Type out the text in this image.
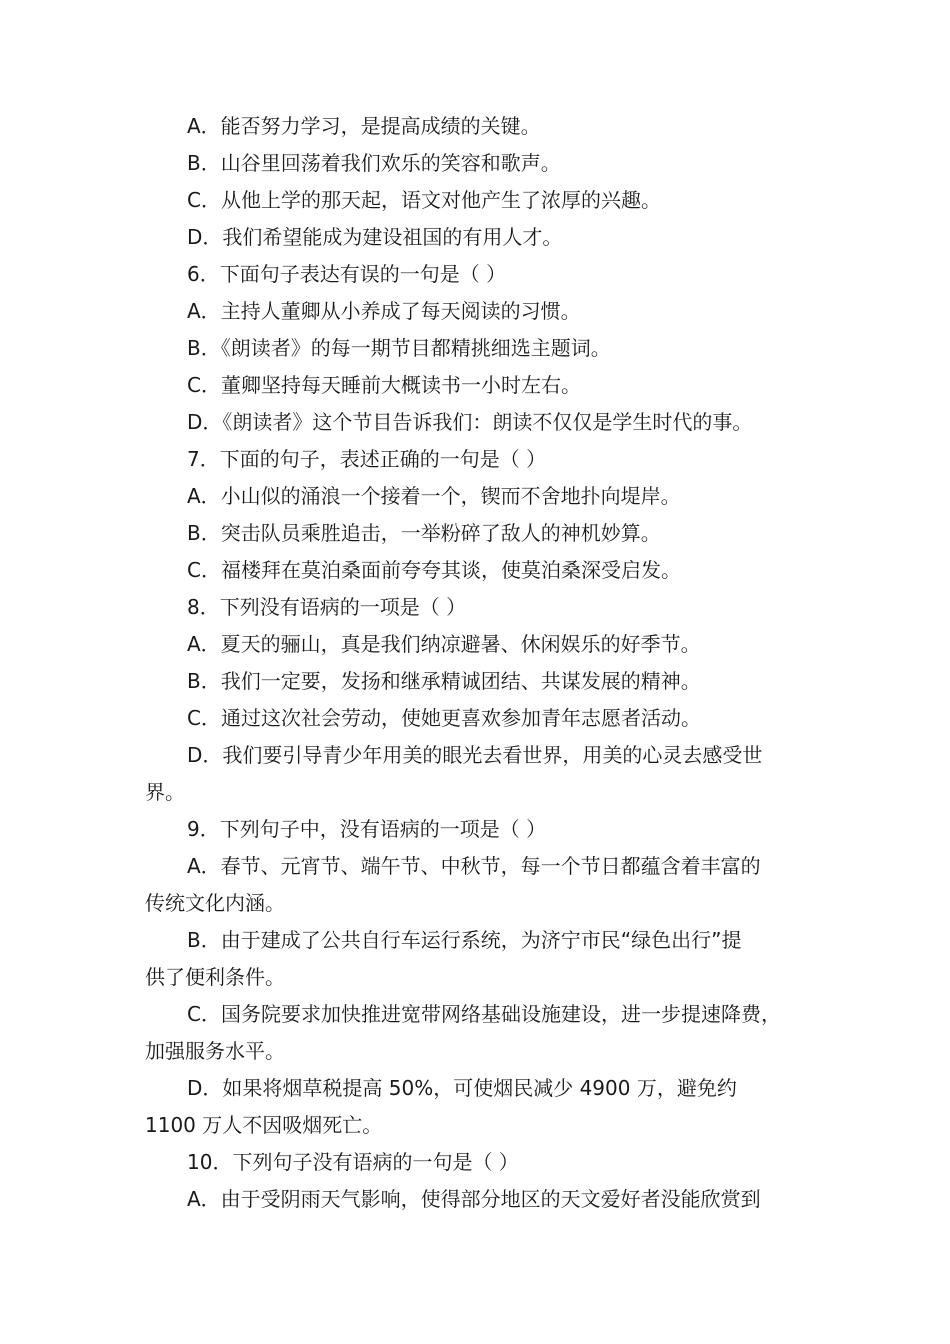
A．能否努力学习，是提高成绩的关键。
B．山谷里回荡着我们欢乐的笑容和歌声。
C．从他上学的那天起，语文对他产生了浓厚的兴趣。
D．我们希望能成为建设祖国的有用人才。
6．下面句子表达有误的一句是（ ）
A．主持人董卿从小养成了每天阅读的习惯。
B．《朗读者》的每一期节目都精挑细选主题词。
C．董卿坚持每天睡前大概读书一小时左右。
D．《朗读者》这个节目告诉我们：朗读不仅仅是学生时代的事。
7．下面的句子，表述正确的一句是（ ）
A．小山似的涌浪一个接着一个，锲而不舍地扑向堤岸。
B．突击队员乘胜追击，一举粉碎了敌人的神机妙算。
C．福楼拜在莫泊桑面前夸夸其谈，使莫泊桑深受启发。
8．下列没有语病的一项是（ ）
A．夏天的骊山，真是我们纳凉避暑、休闲娱乐的好季节。
B．我们一定要，发扬和继承精诚团结、共谋发展的精神。
C．通过这次社会劳动，使她更喜欢参加青年志愿者活动。
D．我们要引导青少年用美的眼光去看世界，用美的心灵去感受世
界。
9．下列句子中，没有语病的一项是（ ）
A．春节、元宵节、端午节、中秋节，每一个节日都蕴含着丰富的
传统文化内涵。
B．由于建成了公共自行车运行系统，为济宁市民“绿色出行”提
供了便利条件。
C．国务院要求加快推进宽带网络基础设施建设，进一步提速降费，
加强服务水平。
D．如果将烟草税提高 50%，可使烟民减少 4900 万，避免约
1100 万人不因吸烟死亡。
10．下列句子没有语病的一句是（ ）
A．由于受阴雨天气影响，使得部分地区的天文爱好者没能欣赏到
